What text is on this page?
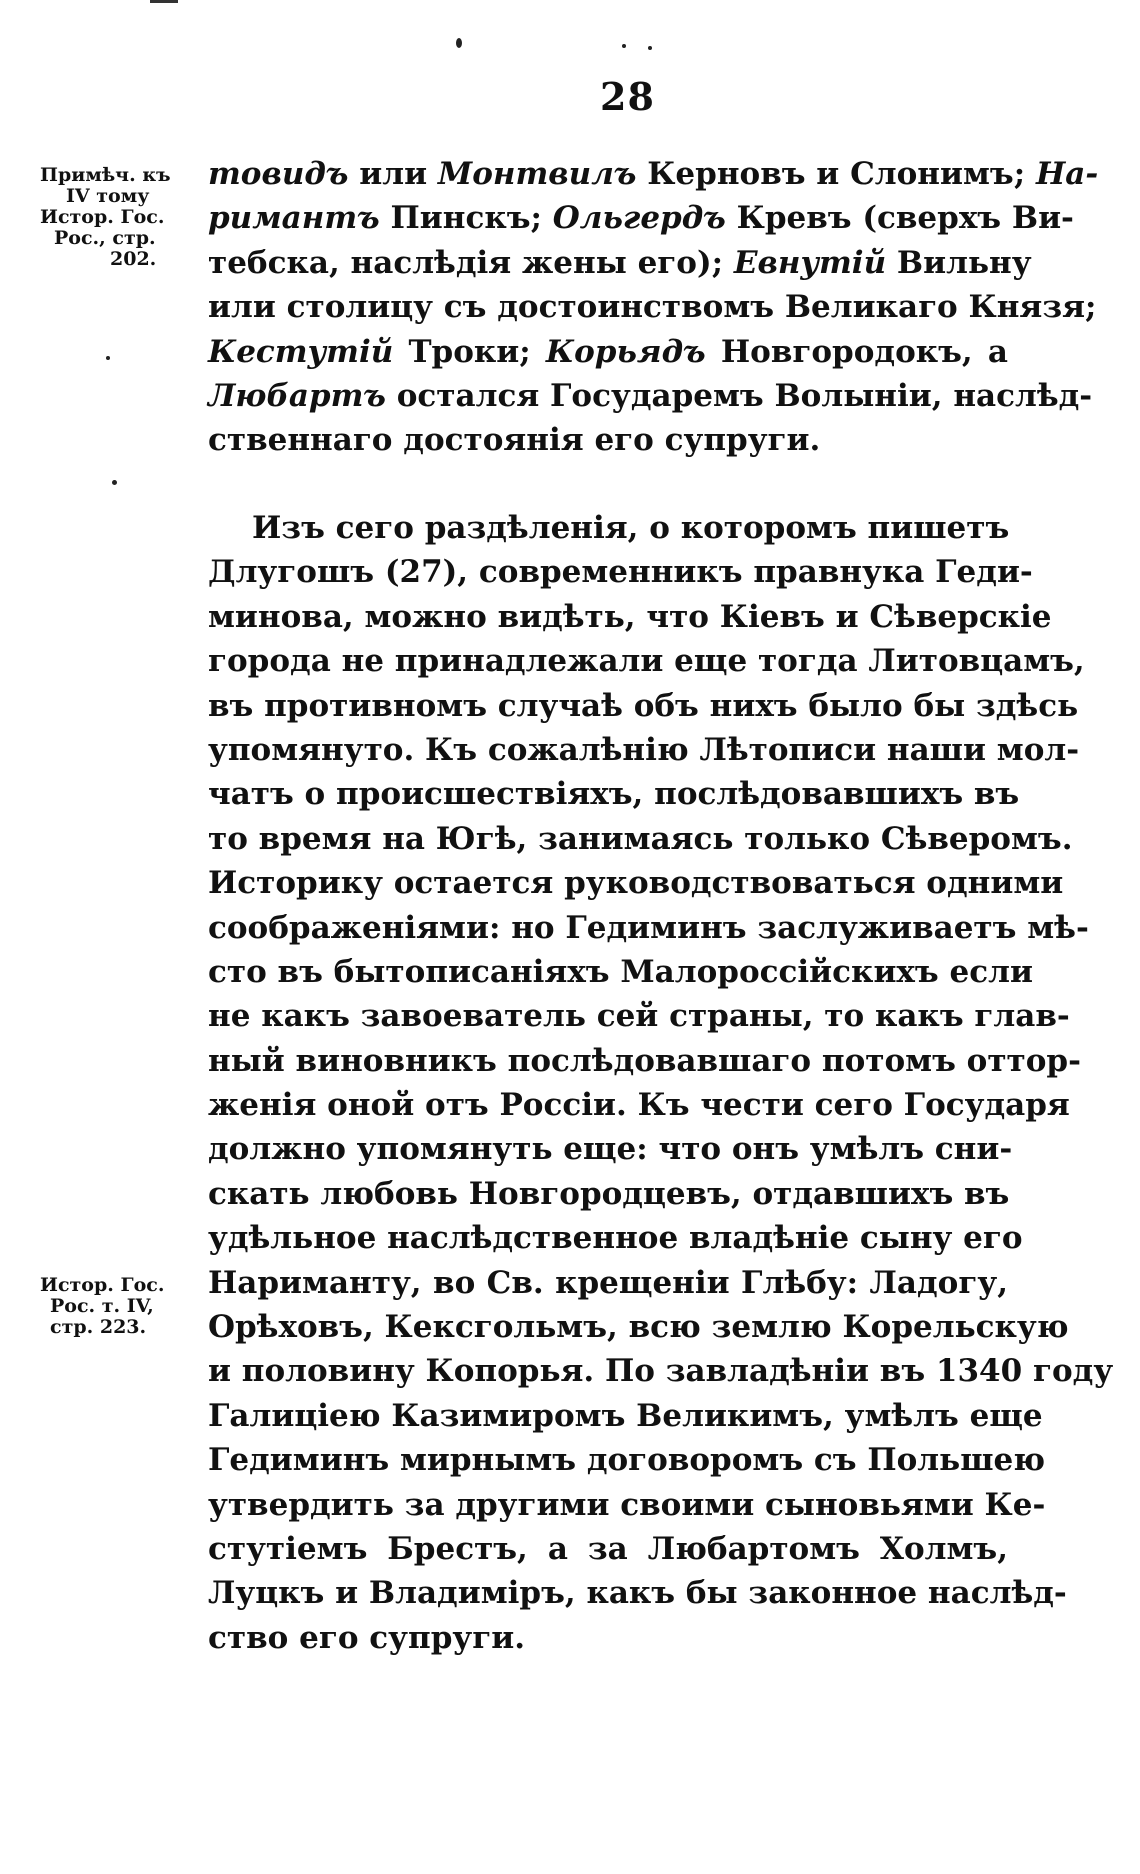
28
Примѣч. къ
IV тому
Истор. Гос.
Рос., стр.
202.
товидъ или Монтвилъ Керновъ и Слонимъ; На-
римантъ Пинскъ; Ольгердъ Кревъ (сверхъ Ви-
тебска, наслѣдія жены его); Евнутій Вильну
или столицу съ достоинствомъ Великаго Князя;
Кестутій Троки; Корьядъ Новгородокъ, а
Любартъ остался Государемъ Волыніи, наслѣд-
ственнаго достоянія его супруги.
Изъ сего раздѣленія, о которомъ пишетъ
Длугошъ (27), современникъ правнука Геди-
минова, можно видѣть, что Кіевъ и Сѣверскіе
города не принадлежали еще тогда Литовцамъ,
въ противномъ случаѣ объ нихъ было бы здѣсь
упомянуто. Къ сожалѣнію Лѣтописи наши мол-
чатъ о происшествіяхъ, послѣдовавшихъ въ
то время на Югѣ, занимаясь только Сѣверомъ.
Историку остается руководствоваться одними
соображеніями: но Гедиминъ заслуживаетъ мѣ-
сто въ бытописаніяхъ Малороссійскихъ если
не какъ завоеватель сей страны, то какъ глав-
ный виновникъ послѣдовавшаго потомъ оттор-
женія оной отъ Россіи. Къ чести сего Государя
должно упомянуть еще: что онъ умѣлъ сни-
скать любовь Новгородцевъ, отдавшихъ въ
удѣльное наслѣдственное владѣніе сыну его
Нариманту, во Св. крещеніи Глѣбу: Ладогу,
Орѣховъ, Кексгольмъ, всю землю Корельскую
и половину Копорья. По завладѣніи въ 1340 году
Галиціею Казимиромъ Великимъ, умѣлъ еще
Гедиминъ мирнымъ договоромъ съ Польшею
утвердить за другими своими сыновьями Ке-
стутіемъ Брестъ, а за Любартомъ Холмъ,
Луцкъ и Владиміръ, какъ бы законное наслѣд-
ство его супруги.
Истор. Гос.
Рос. т. IV,
стр. 223.
